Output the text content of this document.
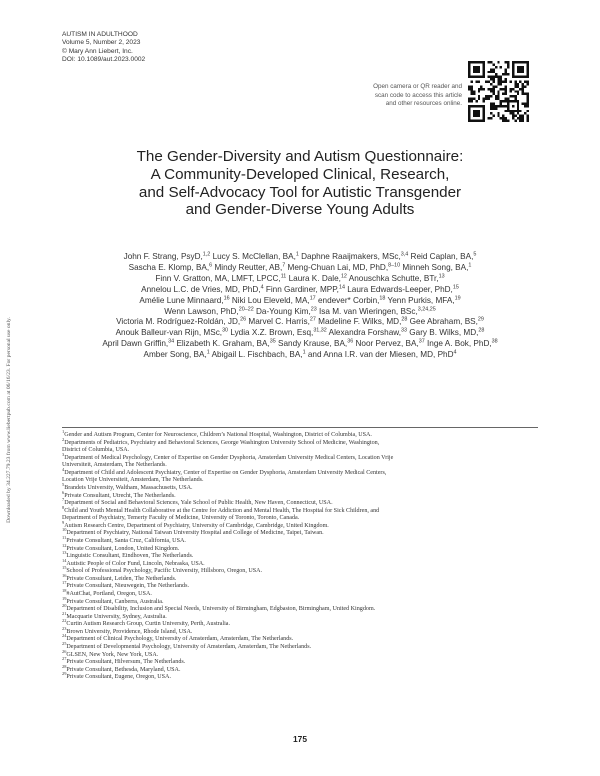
AUTISM IN ADULTHOOD
Volume 5, Number 2, 2023
© Mary Ann Liebert, Inc.
DOI: 10.1089/aut.2023.0002
Open camera or QR reader and
scan code to access this article
and other resources online.
Downloaded by 34.227.79.23 from www.liebertpub.com at 06/16/23. For personal use only.
The Gender-Diversity and Autism Questionnaire:
A Community-Developed Clinical, Research,
and Self-Advocacy Tool for Autistic Transgender
and Gender-Diverse Young Adults
John F. Strang, PsyD,$^{1,2}$ Lucy S. McClellan, BA,$^1$ Daphne Raaijmakers, MSc,$^{3,4}$ Reid Caplan, BA,$^5$
Sascha E. Klomp, BA,$^6$ Mindy Reutter, AB,$^7$ Meng-Chuan Lai, MD, PhD,$^{8-10}$ Minneh Song, BA,$^1$
Finn V. Gratton, MA, LMFT, LPCC,$^{11}$ Laura K. Dale,$^{12}$ Anouschka Schutte, BTr,$^{13}$
Annelou L.C. de Vries, MD, PhD,$^4$ Finn Gardiner, MPP,$^{14}$ Laura Edwards-Leeper, PhD,$^{15}$
Amélie Lune Minnaard,$^{16}$ Niki Lou Eleveld, MA,$^{17}$ endever* Corbin,$^{18}$ Yenn Purkis, MFA,$^{19}$
Wenn Lawson, PhD,$^{20-22}$ Da-Young Kim,$^{23}$ Isa M. van Wieringen, BSc,$^{3,24,25}$
Victoria M. Rodríguez-Roldán, JD,$^{26}$ Marvel C. Harris,$^{27}$ Madeline F. Wilks, MD,$^{28}$ Gee Abraham, BS,$^{29}$
Anouk Balleur-van Rijn, MSc,$^{30}$ Lydia X.Z. Brown, Esq,$^{31,32}$ Alexandra Forshaw,$^{33}$ Gary B. Wilks, MD,$^{28}$
April Dawn Griffin,$^{34}$ Elizabeth K. Graham, BA,$^{35}$ Sandy Krause, BA,$^{36}$ Noor Pervez, BA,$^{37}$ Inge A. Bok, PhD,$^{38}$
Amber Song, BA,$^1$ Abigail L. Fischbach, BA,$^1$ and Anna I.R. van der Miesen, MD, PhD$^4$
$^1$Gender and Autism Program, Center for Neuroscience, Children’s National Hospital, Washington, District of Columbia, USA.
$^2$Departments of Pediatrics, Psychiatry and Behavioral Sciences, George Washington University School of Medicine, Washington,
District of Columbia, USA.
$^3$Department of Medical Psychology, Center of Expertise on Gender Dysphoria, Amsterdam University Medical Centers, Location Vrije
Universiteit, Amsterdam, The Netherlands.
$^4$Department of Child and Adolescent Psychiatry, Center of Expertise on Gender Dysphoria, Amsterdam University Medical Centers,
Location Vrije Universiteit, Amsterdam, The Netherlands.
$^5$Brandeis University, Waltham, Massachusetts, USA.
$^6$Private Consultant, Utrecht, The Netherlands.
$^7$Department of Social and Behavioral Sciences, Yale School of Public Health, New Haven, Connecticut, USA.
$^8$Child and Youth Mental Health Collaborative at the Centre for Addiction and Mental Health, The Hospital for Sick Children, and
Department of Psychiatry, Temerty Faculty of Medicine, University of Toronto, Toronto, Canada.
$^9$Autism Research Centre, Department of Psychiatry, University of Cambridge, Cambridge, United Kingdom.
$^{10}$Department of Psychiatry, National Taiwan University Hospital and College of Medicine, Taipei, Taiwan.
$^{11}$Private Consultant, Santa Cruz, California, USA.
$^{12}$Private Consultant, London, United Kingdom.
$^{13}$Linguistic Consultant, Eindhoven, The Netherlands.
$^{14}$Autistic People of Color Fund, Lincoln, Nebraska, USA.
$^{15}$School of Professional Psychology, Pacific University, Hillsboro, Oregon, USA.
$^{16}$Private Consultant, Leiden, The Netherlands.
$^{17}$Private Consultant, Nieuwegein, The Netherlands.
$^{18}$#AutChat, Portland, Oregon, USA.
$^{19}$Private Consultant, Canberra, Australia.
$^{20}$Department of Disability, Inclusion and Special Needs, University of Birmingham, Edgbaston, Birmingham, United Kingdom.
$^{21}$Macquarie University, Sydney, Australia.
$^{22}$Curtin Autism Research Group, Curtin University, Perth, Australia.
$^{23}$Brown University, Providence, Rhode Island, USA.
$^{24}$Department of Clinical Psychology, University of Amsterdam, Amsterdam, The Netherlands.
$^{25}$Department of Developmental Psychology, University of Amsterdam, Amsterdam, The Netherlands.
$^{26}$GLSEN, New York, New York, USA.
$^{27}$Private Consultant, Hilversum, The Netherlands.
$^{28}$Private Consultant, Bethesda, Maryland, USA.
$^{29}$Private Consultant, Eugene, Oregon, USA.
175
